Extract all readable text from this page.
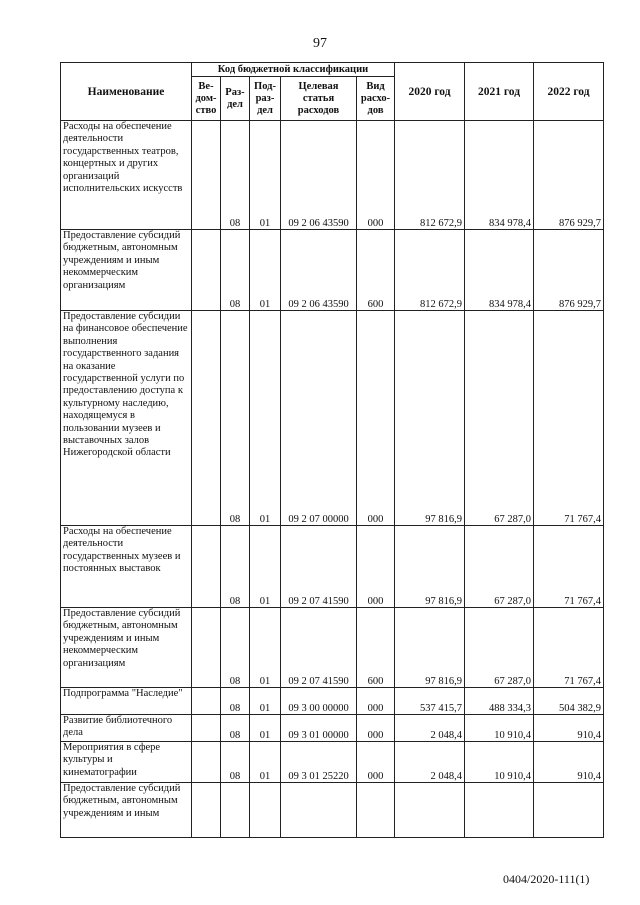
97
Наименование	Код бюджетной классификации					2020 год	2021 год	2022 год
	Ве-дом-ство	Раз-дел	Под-раз-дел	Целевая статья расходов	Вид расхо-дов			
Расходы на обеспечение деятельности государственных театров, концертных и других организаций исполнительских искусств		08	01	09 2 06 43590	000	812 672,9	834 978,4	876 929,7
Предоставление субсидий бюджетным, автономным учреждениям и иным некоммерческим организациям		08	01	09 2 06 43590	600	812 672,9	834 978,4	876 929,7
Предоставление субсидии на финансовое обеспечение выполнения государственного задания на оказание государственной услуги по предоставлению доступа к культурному наследию, находящемуся в пользовании музеев и выставочных залов Нижегородской области		08	01	09 2 07 00000	000	97 816,9	67 287,0	71 767,4
Расходы на обеспечение деятельности государственных музеев и постоянных выставок		08	01	09 2 07 41590	000	97 816,9	67 287,0	71 767,4
Предоставление субсидий бюджетным, автономным учреждениям и иным некоммерческим организациям		08	01	09 2 07 41590	600	97 816,9	67 287,0	71 767,4
Подпрограмма "Наследие"		08	01	09 3 00 00000	000	537 415,7	488 334,3	504 382,9
Развитие библиотечного дела		08	01	09 3 01 00000	000	2 048,4	10 910,4	910,4
Мероприятия в сфере культуры и кинематографии		08	01	09 3 01 25220	000	2 048,4	10 910,4	910,4
Предоставление субсидий бюджетным, автономным учреждениям и иным								
0404/2020-111(1)
